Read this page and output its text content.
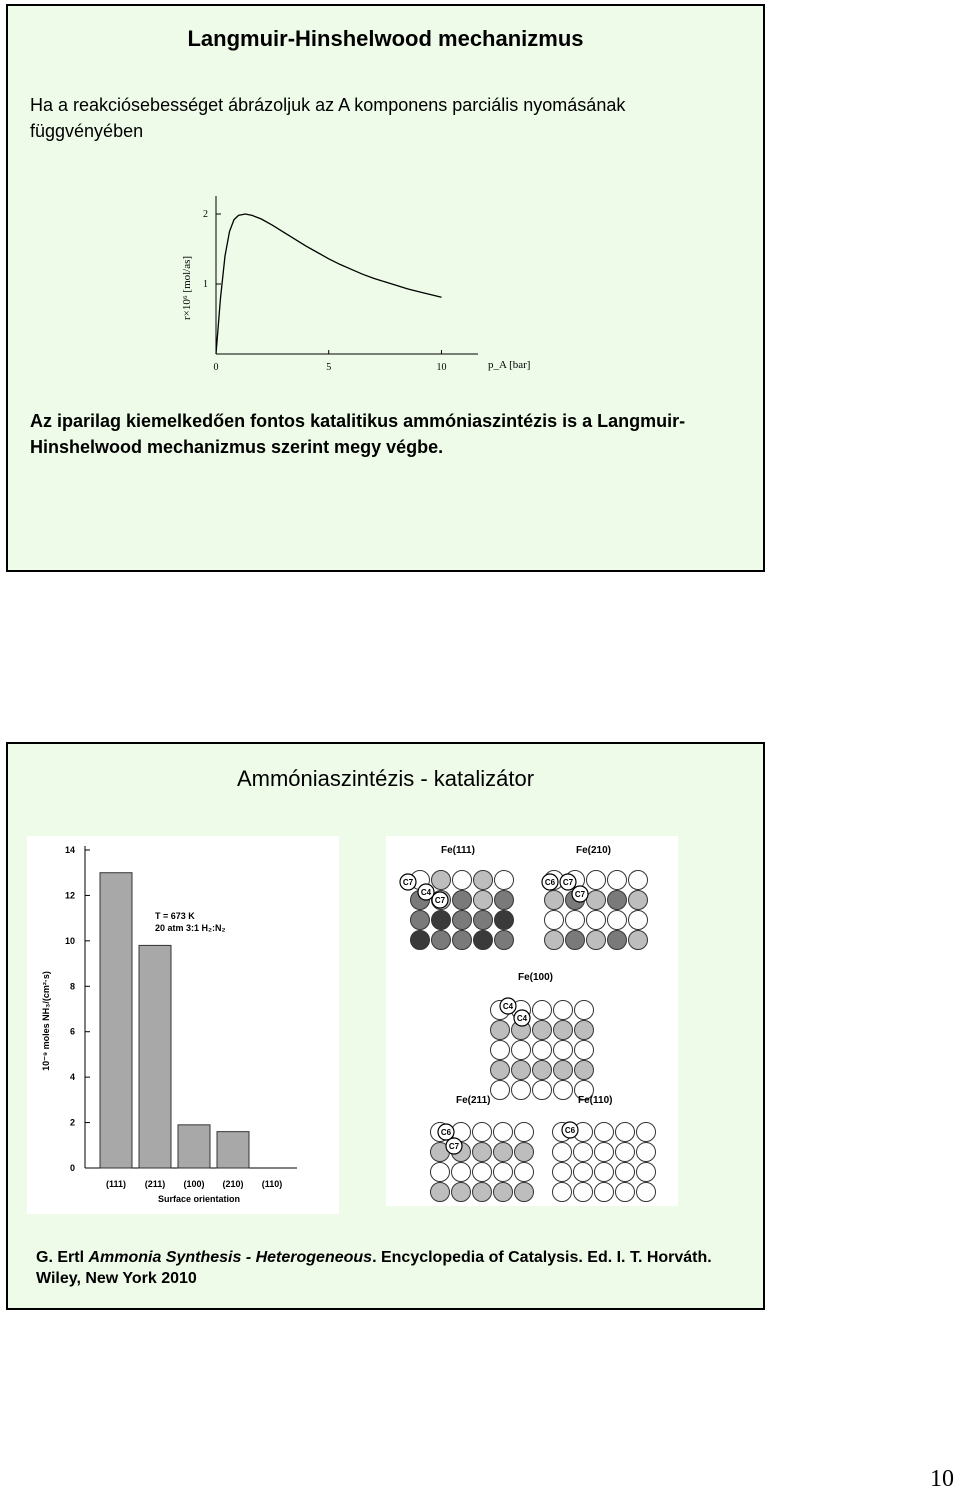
Langmuir-Hinshelwood mechanizmus
Ha a reakciósebességet ábrázoljuk az A komponens parciális nyomásának függvényében
0	5	10
1
2
r×10⁶ [mol/as]
p_A [bar]
Az iparilag kiemelkedően fontos katalitikus ammóniaszintézis is a Langmuir-Hinshelwood mechanizmus szerint megy végbe.
Ammóniaszintézis - katalizátor
0
2
4
6
8
10
12
14
(111) (211) (100) (210) (110)
10⁻⁹ moles NH₃/(cm²·s)
Surface orientation
T = 673 K
20 atm 3:1 H₂:N₂
Fe(111)
C7
C4
C7
Fe(210)
C6 C7
C7
Fe(100)
C4
C4
Fe(211)
C6
C7
Fe(110)
C6
G. Ertl Ammonia Synthesis - Heterogeneous. Encyclopedia of Catalysis. Ed. I. T. Horváth. Wiley, New York 2010
10
